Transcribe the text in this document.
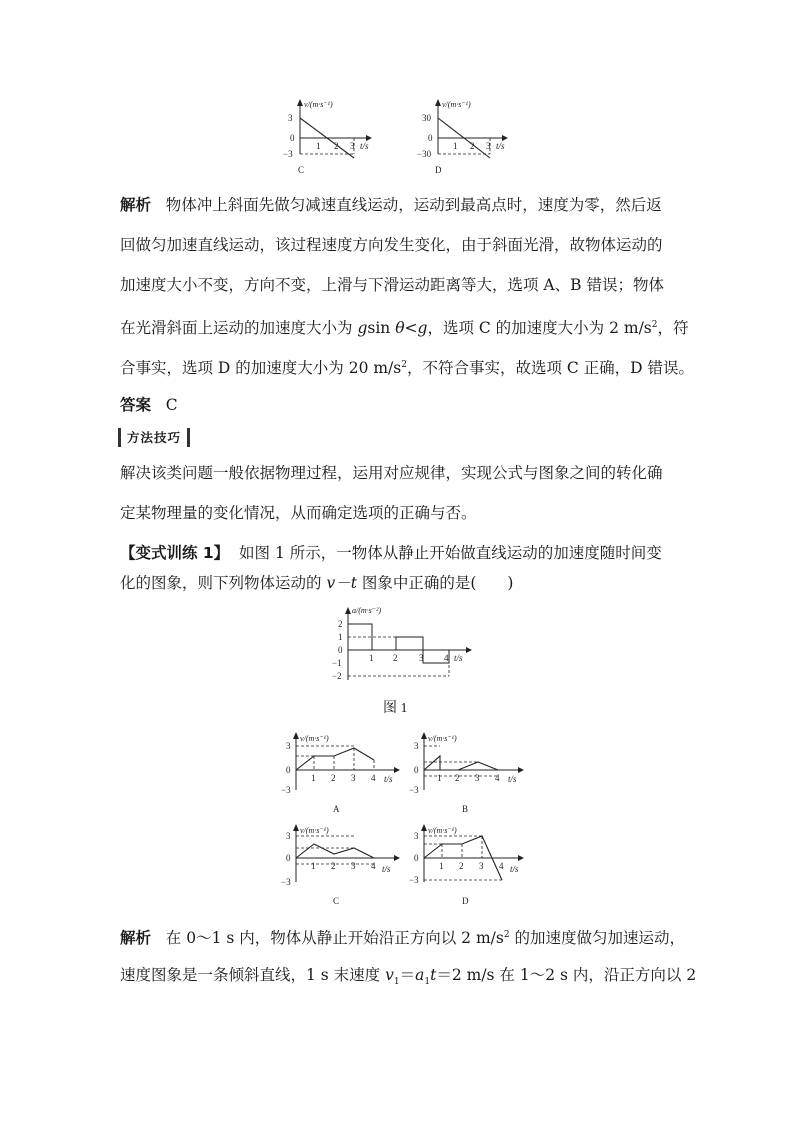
3
0
−3
1 2 3 t/s
v/(m·s⁻¹)
C
30
0
−30
1 2 3 t/s
v/(m·s⁻¹)
D
解析 物体冲上斜面先做匀减速直线运动，运动到最高点时，速度为零，然后返
回做匀加速直线运动，该过程速度方向发生变化，由于斜面光滑，故物体运动的
加速度大小不变，方向不变，上滑与下滑运动距离等大，选项 A、B 错误；物体
在光滑斜面上运动的加速度大小为 gsin θ<g，选项 C 的加速度大小为 2 $m/s^2$，符
合事实，选项 D 的加速度大小为 20 $m/s^2$，不符合事实，故选项 C 正确，D 错误。
答案 C
方法技巧
解决该类问题一般依据物理过程，运用对应规律，实现公式与图象之间的转化确
定某物理量的变化情况，从而确定选项的正确与否。
【变式训练 1】 如图 1 所示，一物体从静止开始做直线运动的加速度随时间变
化的图象，则下列物体运动的 v－t 图象中正确的是(　　)
2
1
0
−1
−2
1 2 3 4 t/s
a/(m·s⁻²)
图 1
3
0
−3
1 2 3 4 t/s
v/(m·s⁻¹)
A
3
0
−3
1 2 3 4 t/s
v/(m·s⁻¹)
B
3
0
−3
1 2 3 4 t/s
v/(m·s⁻¹)
C
3
0
−3
1 2 3 4 t/s
v/(m·s⁻¹)
D
解析 在 0～1 s 内，物体从静止开始沿正方向以 2 $m/s^2$ 的加速度做匀加速运动，
速度图象是一条倾斜直线，1 s 末速度 $v_1=a_1t=2$ m/s 在 1～2 s 内，沿正方向以 2
